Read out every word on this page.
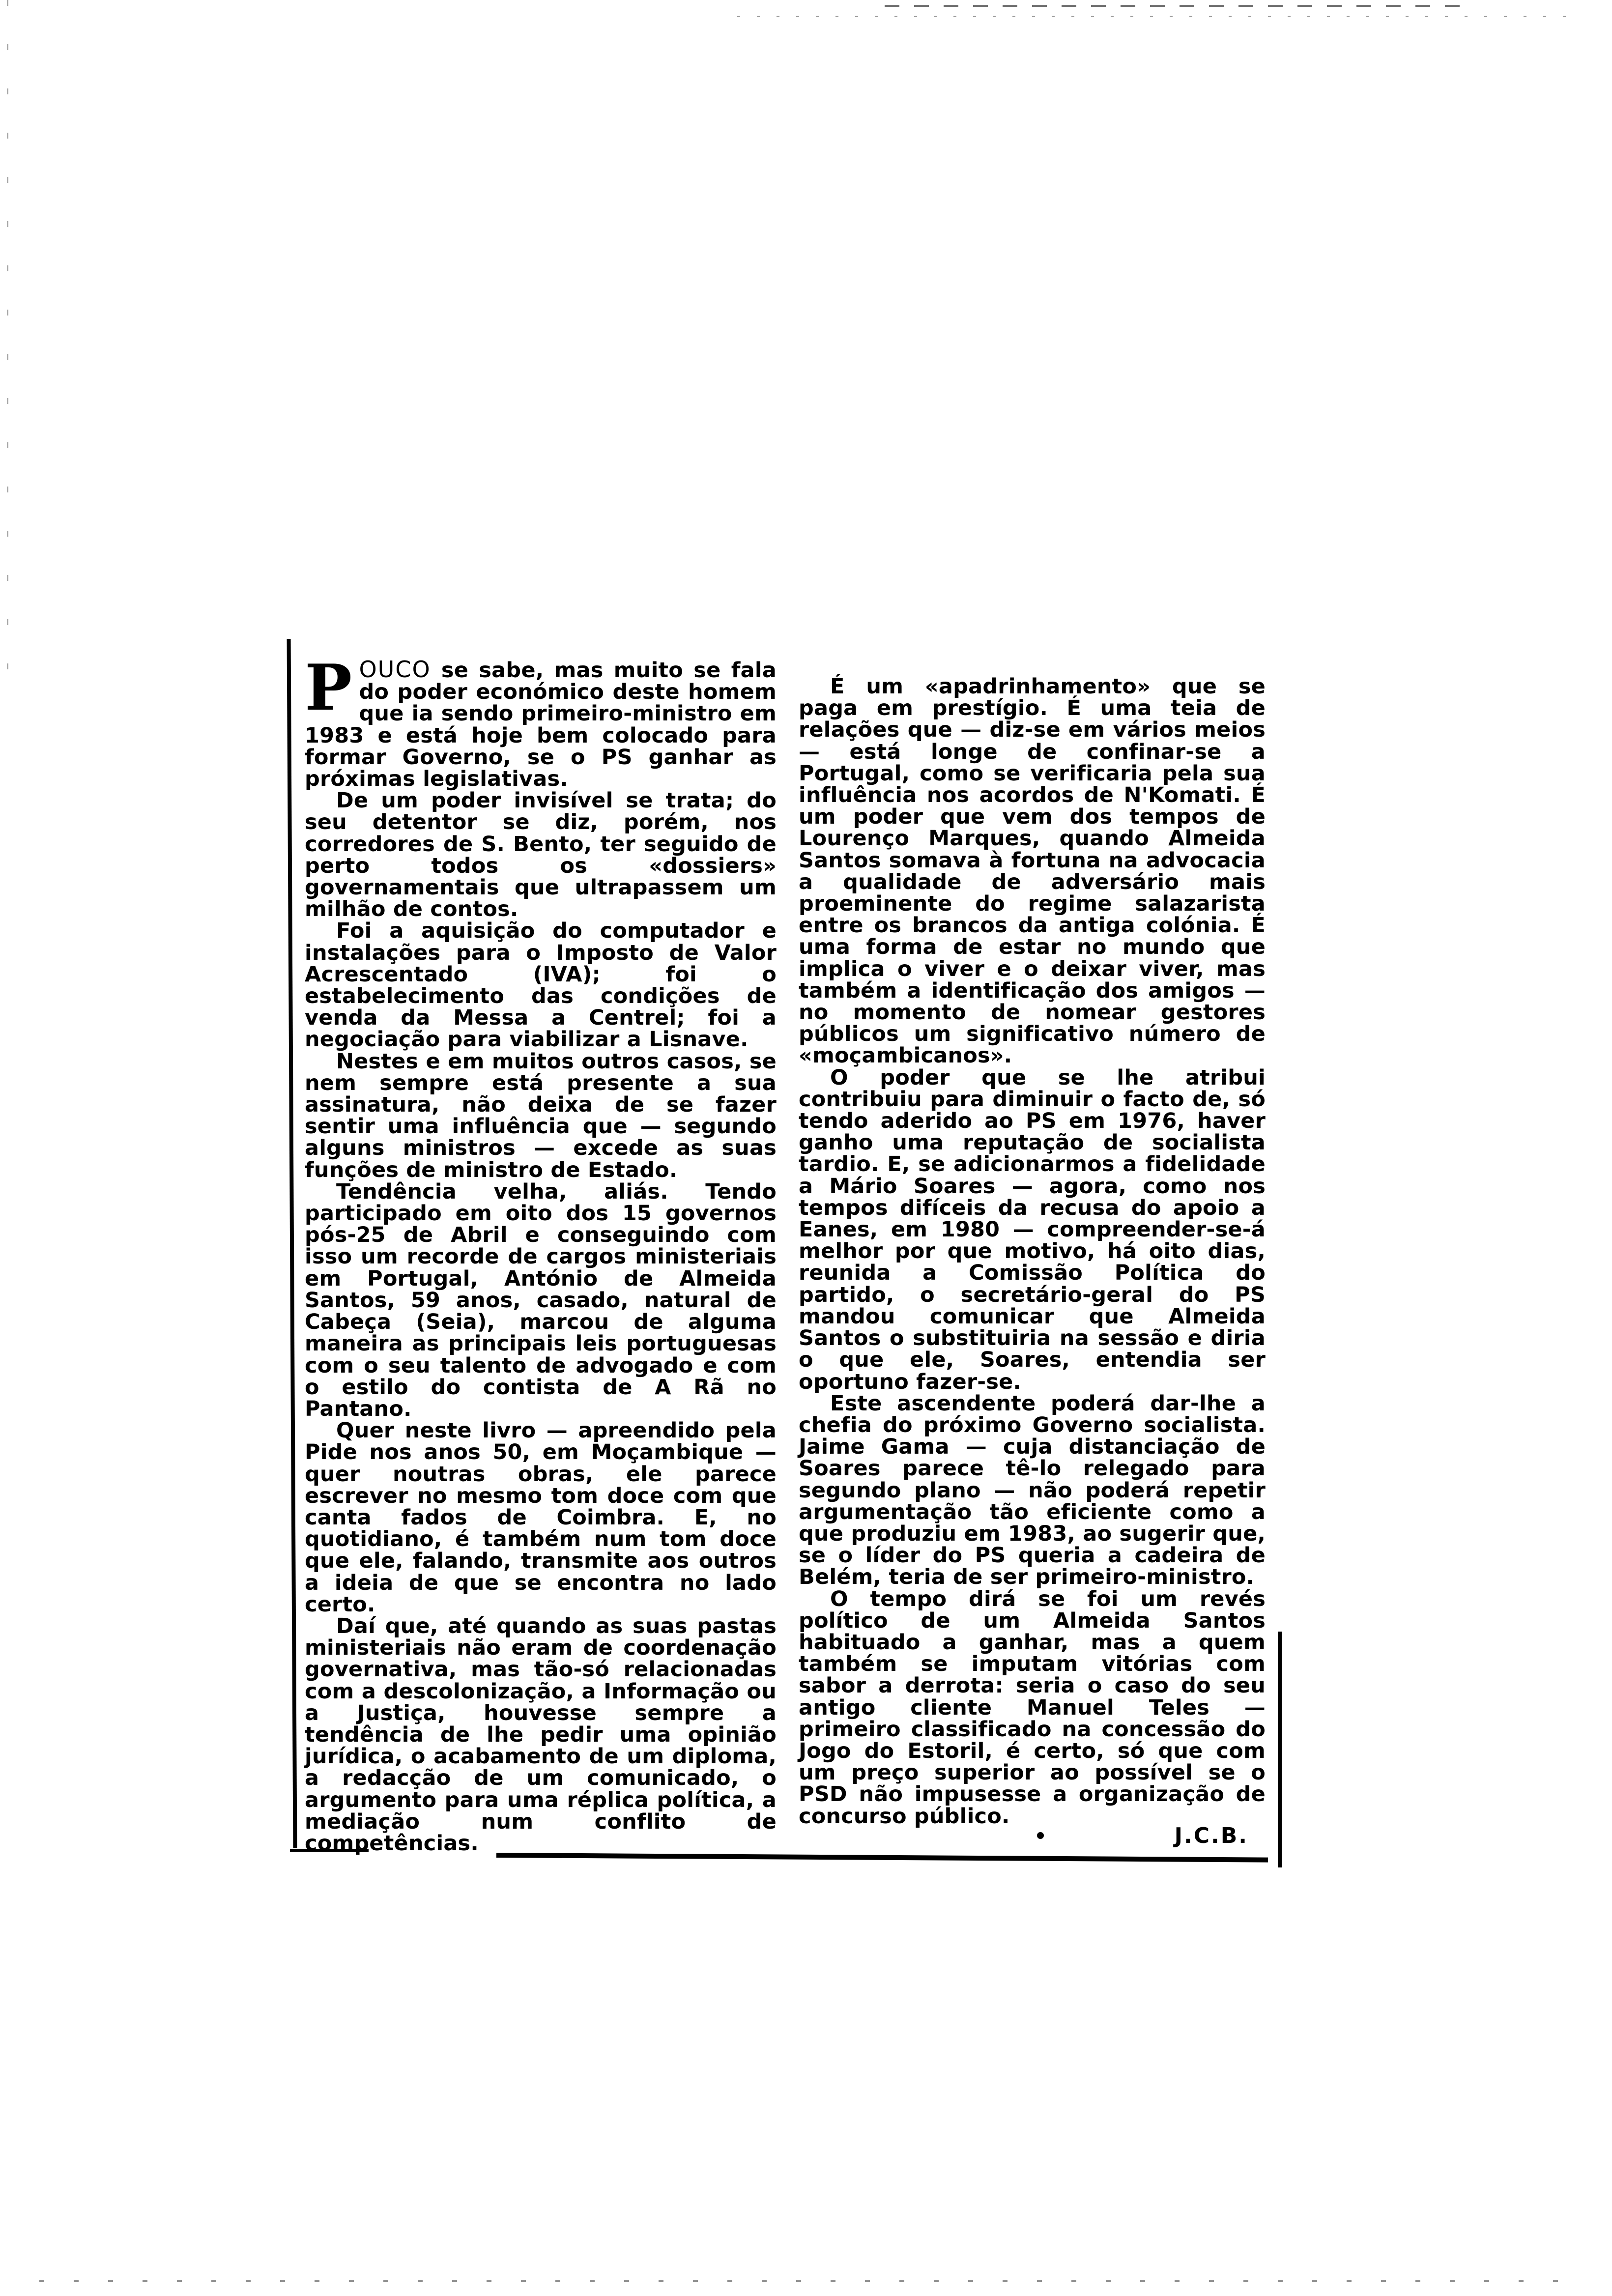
POUCO se sabe, mas muito se fala do poder económico deste homem que ia sendo primeiro-ministro em 1983 e está hoje bem colocado para formar Governo, se o PS ganhar as próximas legislativas.

De um poder invisível se trata; do seu detentor se diz, porém, nos corredores de S. Bento, ter seguido de perto todos os «dossiers» governamentais que ultrapassem um milhão de contos.

Foi a aquisição do computador e instalações para o Imposto de Valor Acrescentado (IVA); foi o estabelecimento das condições de venda da Messa a Centrel; foi a negociação para viabilizar a Lisnave.

Nestes e em muitos outros casos, se nem sempre está presente a sua assinatura, não deixa de se fazer sentir uma influência que — segundo alguns ministros — excede as suas funções de ministro de Estado.

Tendência velha, aliás. Tendo participado em oito dos 15 governos pós-25 de Abril e conseguindo com isso um recorde de cargos ministeriais em Portugal, António de Almeida Santos, 59 anos, casado, natural de Cabeça (Seia), marcou de alguma maneira as principais leis portuguesas com o seu talento de advogado e com o estilo do contista de A Rã no Pantano.

Quer neste livro — apreendido pela Pide nos anos 50, em Moçambique — quer noutras obras, ele parece escrever no mesmo tom doce com que canta fados de Coimbra. E, no quotidiano, é também num tom doce que ele, falando, transmite aos outros a ideia de que se encontra no lado certo.

Daí que, até quando as suas pastas ministeriais não eram de coordenação governativa, mas tão-só relacionadas com a descolonização, a Informação ou a Justiça, houvesse sempre a tendência de lhe pedir uma opinião jurídica, o acabamento de um diploma, a redacção de um comunicado, o argumento para uma réplica política, a mediação num conflito de competências.

É um «apadrinhamento» que se paga em prestígio. É uma teia de relações que — diz-se em vários meios — está longe de confinar-se a Portugal, como se verificaria pela sua influência nos acordos de N'Komati. É um poder que vem dos tempos de Lourenço Marques, quando Almeida Santos somava à fortuna na advocacia a qualidade de adversário mais proeminente do regime salazarista entre os brancos da antiga colónia. É uma forma de estar no mundo que implica o viver e o deixar viver, mas também a identificação dos amigos — no momento de nomear gestores públicos um significativo número de «moçambicanos».

O poder que se lhe atribui contribuiu para diminuir o facto de, só tendo aderido ao PS em 1976, haver ganho uma reputação de socialista tardio. E, se adicionarmos a fidelidade a Mário Soares — agora, como nos tempos difíceis da recusa do apoio a Eanes, em 1980 — compreender-se-á melhor por que motivo, há oito dias, reunida a Comissão Política do partido, o secretário-geral do PS mandou comunicar que Almeida Santos o substituiria na sessão e diria o que ele, Soares, entendia ser oportuno fazer-se.

Este ascendente poderá dar-lhe a chefia do próximo Governo socialista. Jaime Gama — cuja distanciação de Soares parece tê-lo relegado para segundo plano — não poderá repetir argumentação tão eficiente como a que produziu em 1983, ao sugerir que, se o líder do PS queria a cadeira de Belém, teria de ser primeiro-ministro.

O tempo dirá se foi um revés político de um Almeida Santos habituado a ganhar, mas a quem também se imputam vitórias com sabor a derrota: seria o caso do seu antigo cliente Manuel Teles — primeiro classificado na concessão do Jogo do Estoril, é certo, só que com um preço superior ao possível se o PSD não impusesse a organização de concurso público.

J.C.B.
